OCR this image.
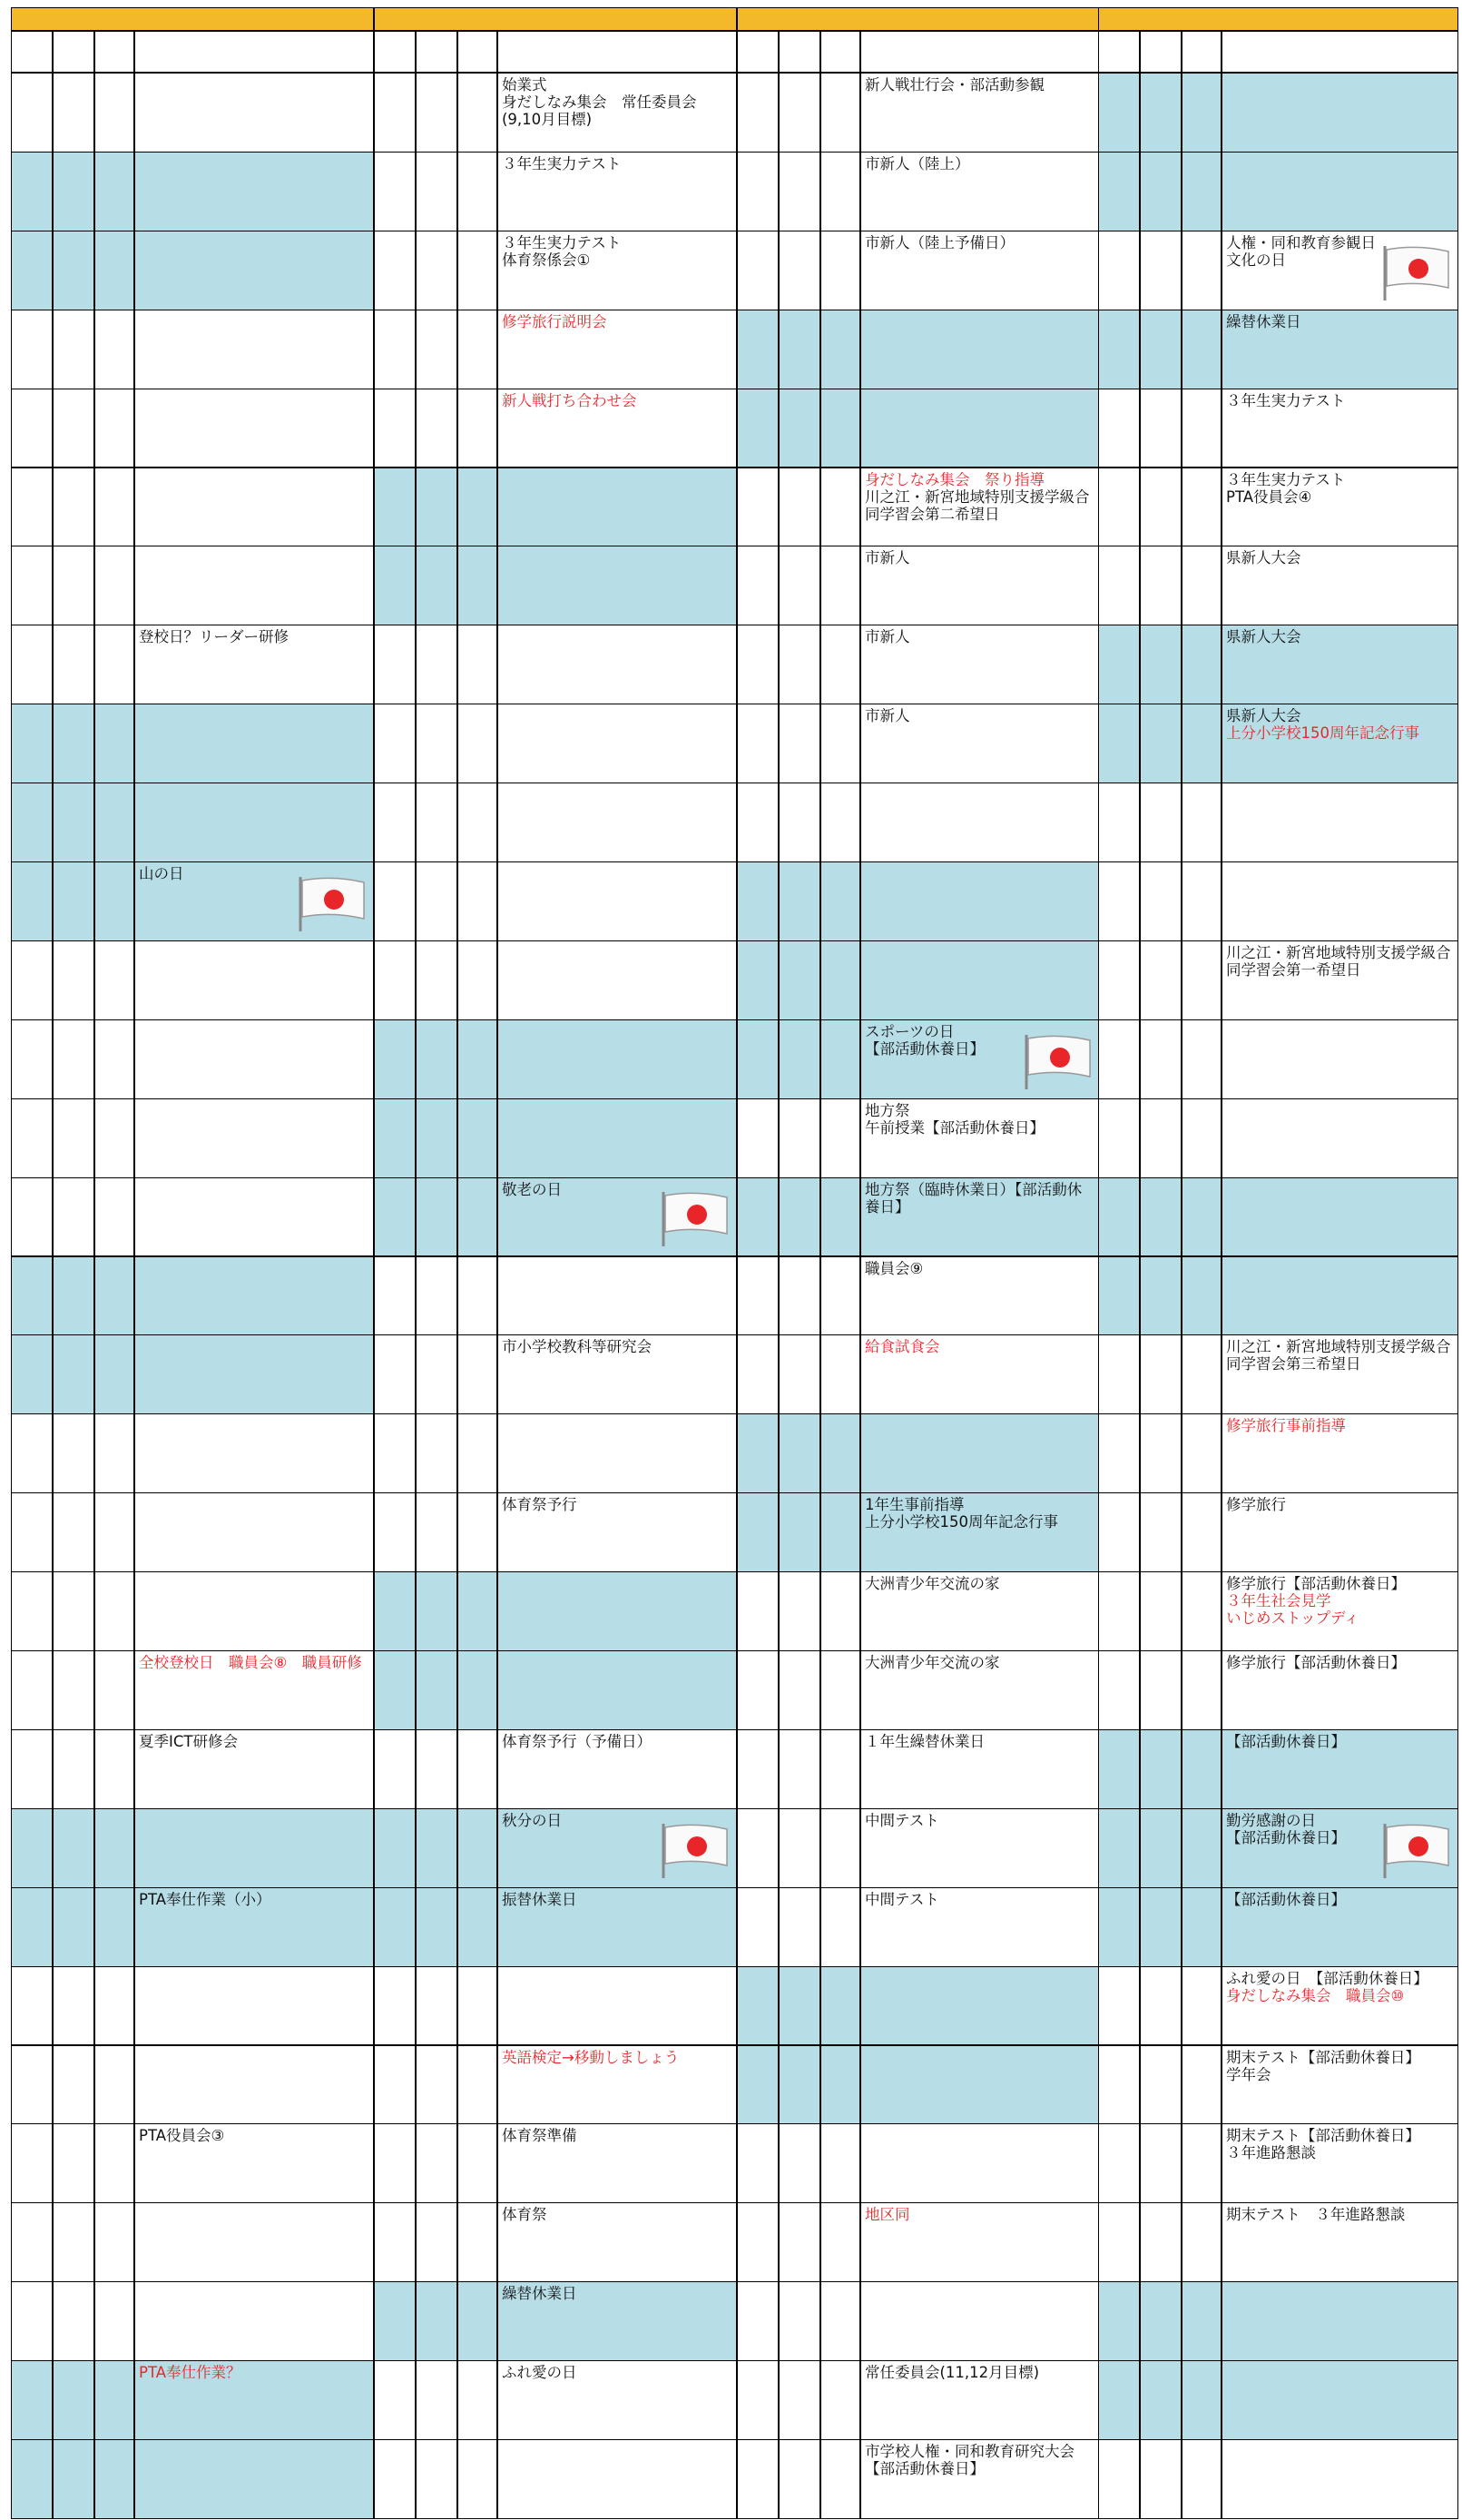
登校日？リーダー研修
山の日
全校登校日　職員会⑧　職員研修
夏季ICT研修会
PTA奉仕作業（小）
PTA役員会③
PTA奉仕作業？
始業式
身だしなみ集会　常任委員会
(9,10月目標)
３年生実力テスト
３年生実力テスト
体育祭係会①
修学旅行説明会
新人戦打ち合わせ会
敬老の日
市小学校教科等研究会
体育祭予行
体育祭予行（予備日）
秋分の日
振替休業日
英語検定→移動しましょう
体育祭準備
体育祭
繰替休業日
ふれ愛の日
新人戦壮行会・部活動参観
市新人（陸上）
市新人（陸上予備日）
身だしなみ集会　祭り指導
川之江・新宮地域特別支援学級合同学習会第二希望日
市新人
市新人
市新人
スポーツの日
【部活動休養日】
地方祭
午前授業【部活動休養日】
地方祭（臨時休業日）【部活動休養日】
職員会⑨
給食試食会
1年生事前指導
上分小学校150周年記念行事
大洲青少年交流の家
大洲青少年交流の家
１年生繰替休業日
中間テスト
中間テスト
地区同
常任委員会(11,12月目標)
市学校人権・同和教育研究大会【部活動休養日】
人権・同和教育参観日
文化の日
繰替休業日
３年生実力テスト
３年生実力テスト
PTA役員会④
県新人大会
県新人大会
県新人大会
上分小学校150周年記念行事
川之江・新宮地域特別支援学級合同学習会第一希望日
川之江・新宮地域特別支援学級合同学習会第三希望日
修学旅行事前指導
修学旅行
修学旅行【部活動休養日】
３年生社会見学
いじめストップディ
修学旅行【部活動休養日】
【部活動休養日】
勤労感謝の日
【部活動休養日】
【部活動休養日】
ふれ愛の日　【部活動休養日】
身だしなみ集会　職員会⑩
期末テスト【部活動休養日】
学年会
期末テスト【部活動休養日】
３年進路懇談
期末テスト　３年進路懇談
